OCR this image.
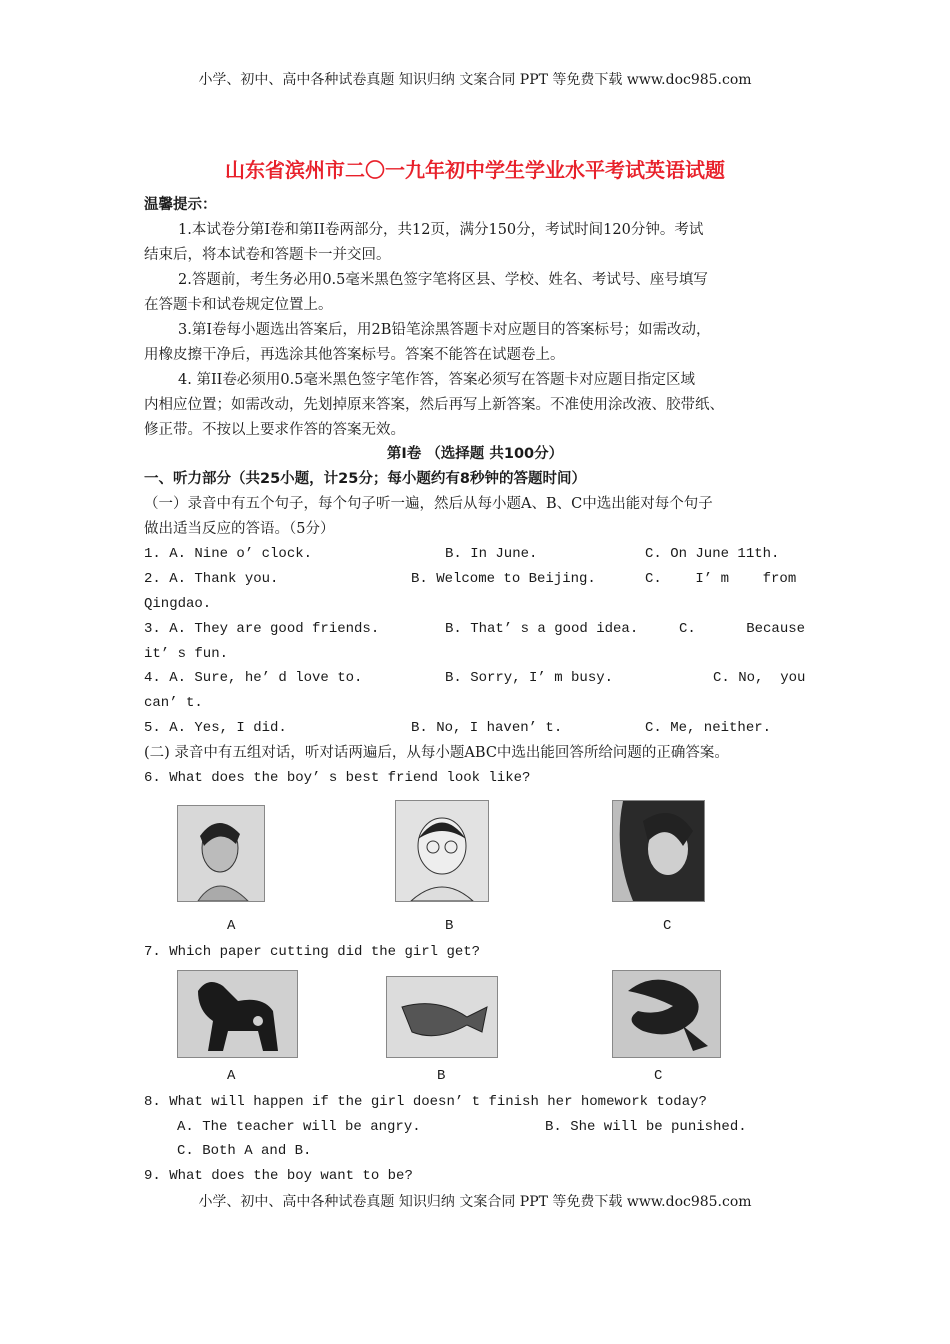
小学、初中、高中各种试卷真题 知识归纳 文案合同 PPT 等免费下载 www.doc985.com
山东省滨州市二〇一九年初中学生学业水平考试英语试题
温馨提示：
1.本试卷分第Ⅰ卷和第II卷两部分，共12页，满分150分，考试时间120分钟。考试
结束后，将本试卷和答题卡一并交回。
2.答题前，考生务必用0.5毫米黑色签字笔将区县、学校、姓名、考试号、座号填写
在答题卡和试卷规定位置上。
3.第Ⅰ卷每小题选出答案后，用2B铅笔涂黑答题卡对应题目的答案标号；如需改动，
用橡皮擦干净后，再选涂其他答案标号。答案不能答在试题卷上。
4. 第II卷必须用0.5毫米黑色签字笔作答，答案必须写在答题卡对应题目指定区域
内相应位置；如需改动，先划掉原来答案，然后再写上新答案。不准使用涂改液、胶带纸、
修正带。不按以上要求作答的答案无效。
第Ⅰ卷 （选择题 共100分）
一、听力部分（共25小题，计25分；每小题约有8秒钟的答题时间）
（一）录音中有五个句子，每个句子听一遍，然后从每小题A、B、C中选出能对每个句子
做出适当反应的答语。（5分）
1. A. Nine o’ clock.	B. In June.	C. On June 11th.
2. A. Thank you.	B. Welcome to Beijing.	C.    I’ m    from
Qingdao.
3. A. They are good friends.	B. That’ s a good idea.	C.      Because
it’ s fun.
4. A. Sure, he’ d love to.	B. Sorry, I’ m busy.	C. No,  you
can’ t.
5. A. Yes, I did.	B. No, I haven’ t.	C. Me, neither.
(二) 录音中有五组对话，听对话两遍后，从每小题ABC中选出能回答所给问题的正确答案。
6. What does the boy’ s best friend look like?
A	B	C
7. Which paper cutting did the girl get?
A	B	C
8. What will happen if the girl doesn’ t finish her homework today?
A. The teacher will be angry.	B. She will be punished.
C. Both A and B.
9. What does the boy want to be?
小学、初中、高中各种试卷真题 知识归纳 文案合同 PPT 等免费下载 www.doc985.com
